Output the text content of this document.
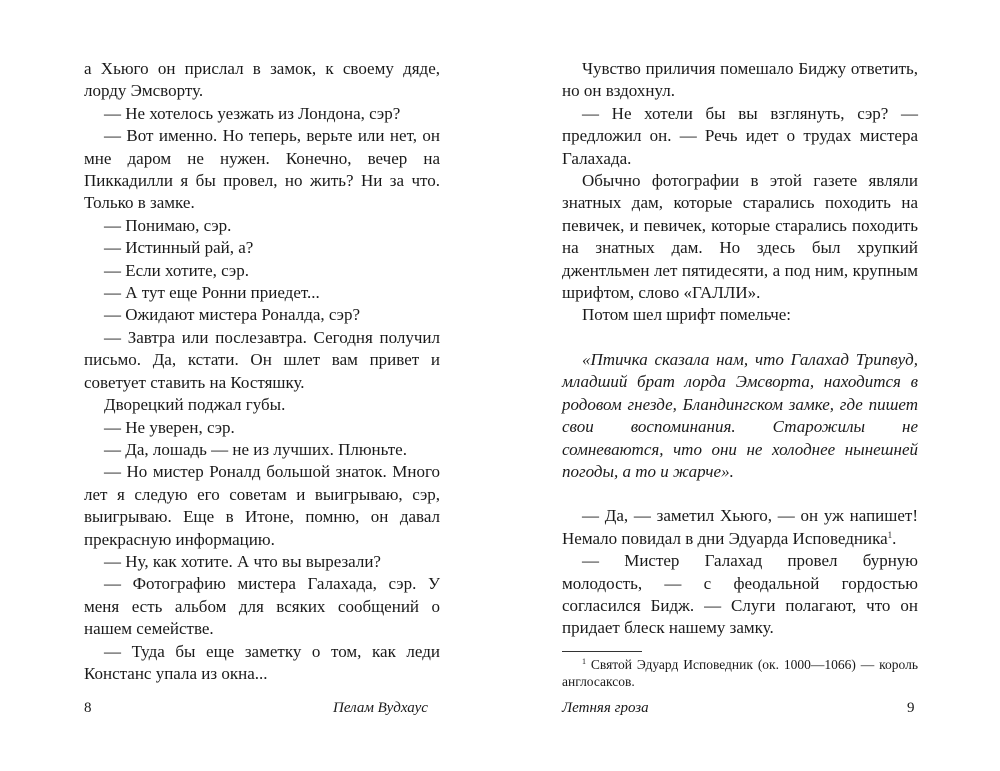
а Хьюго он прислал в замок, к своему дяде, лорду Эмсворту.

— Не хотелось уезжать из Лондона, сэр?

— Вот именно. Но теперь, верьте или нет, он мне даром не нужен. Конечно, вечер на Пиккадилли я бы провел, но жить? Ни за что. Только в замке.

— Понимаю, сэр.

— Истинный рай, а?

— Если хотите, сэр.

— А тут еще Ронни приедет...

— Ожидают мистера Роналда, сэр?

— Завтра или послезавтра. Сегодня получил письмо. Да, кстати. Он шлет вам привет и советует ставить на Костяшку.

Дворецкий поджал губы.

— Не уверен, сэр.

— Да, лошадь — не из лучших. Плюньте.

— Но мистер Роналд большой знаток. Много лет я следую его советам и выигрываю, сэр, выигрываю. Еще в Итоне, помню, он давал прекрасную информацию.

— Ну, как хотите. А что вы вырезали?

— Фотографию мистера Галахада, сэр. У меня есть альбом для всяких сообщений о нашем семействе.

— Туда бы еще заметку о том, как леди Констанс упала из окна...

Чувство приличия помешало Биджу ответить, но он вздохнул.

— Не хотели бы вы взглянуть, сэр? — предложил он. — Речь идет о трудах мистера Галахада.

Обычно фотографии в этой газете являли знатных дам, которые старались походить на певичек, и певичек, которые старались походить на знатных дам. Но здесь был хрупкий джентльмен лет пятидесяти, а под ним, крупным шрифтом, слово «ГАЛЛИ».

Потом шел шрифт помельче:

«Птичка сказала нам, что Галахад Трипвуд, младший брат лорда Эмсворта, находится в родовом гнезде, Бландингском замке, где пишет свои воспоминания. Старожилы не сомневаются, что они не холоднее нынешней погоды, а то и жарче».

— Да, — заметил Хьюго, — он уж напишет! Немало повидал в дни Эдуарда Исповедника$^1$.

— Мистер Галахад провел бурную молодость, — с феодальной гордостью согласился Бидж. — Слуги полагают, что он придает блеск нашему замку.

$^1$ Святой Эдуард Исповедник (ок. 1000—1066) — король англосаксов.
8	Пелам Вудхаус	Летняя гроза	9
